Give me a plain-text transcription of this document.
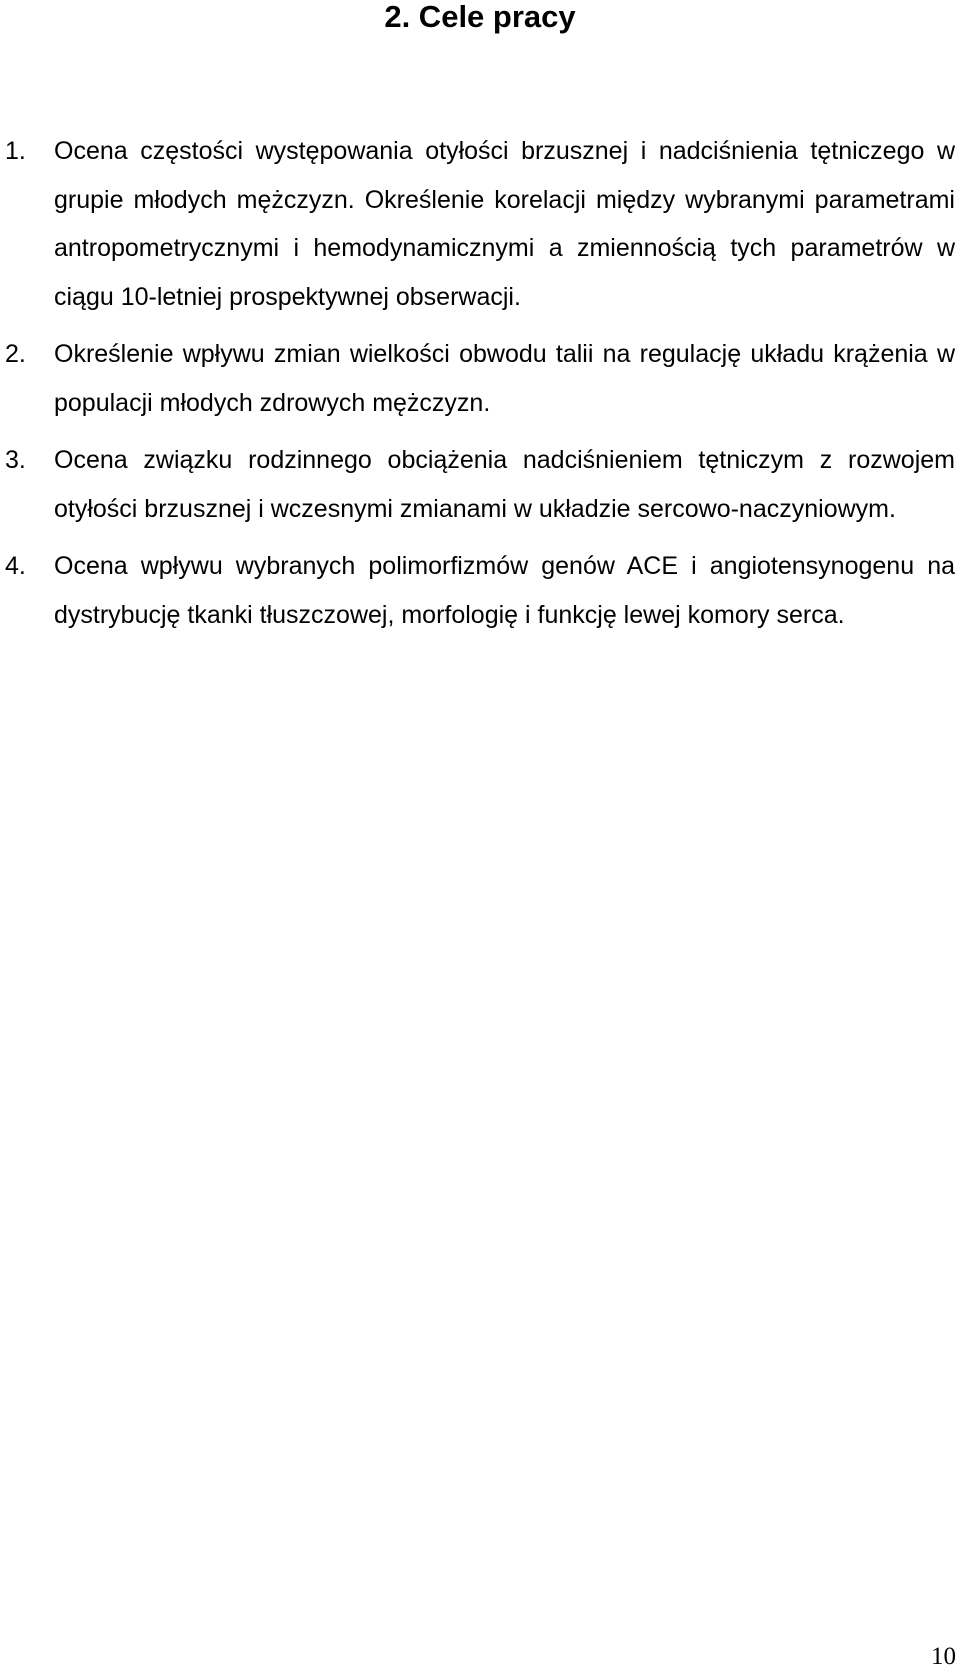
2. Cele pracy
1. Ocena częstości występowania otyłości brzusznej i nadciśnienia tętniczego w grupie młodych mężczyzn. Określenie korelacji między wybranymi parametrami antropometrycznymi i hemodynamicznymi a zmiennością tych parametrów w ciągu 10-letniej prospektywnej obserwacji.
2. Określenie wpływu zmian wielkości obwodu talii na regulację układu krążenia w populacji młodych zdrowych mężczyzn.
3. Ocena związku rodzinnego obciążenia nadciśnieniem tętniczym z rozwojem otyłości brzusznej i wczesnymi zmianami w układzie sercowo-naczyniowym.
4. Ocena wpływu wybranych polimorfizmów genów ACE i angiotensynogenu na dystrybucję tkanki tłuszczowej, morfologię i funkcję lewej komory serca.
10
